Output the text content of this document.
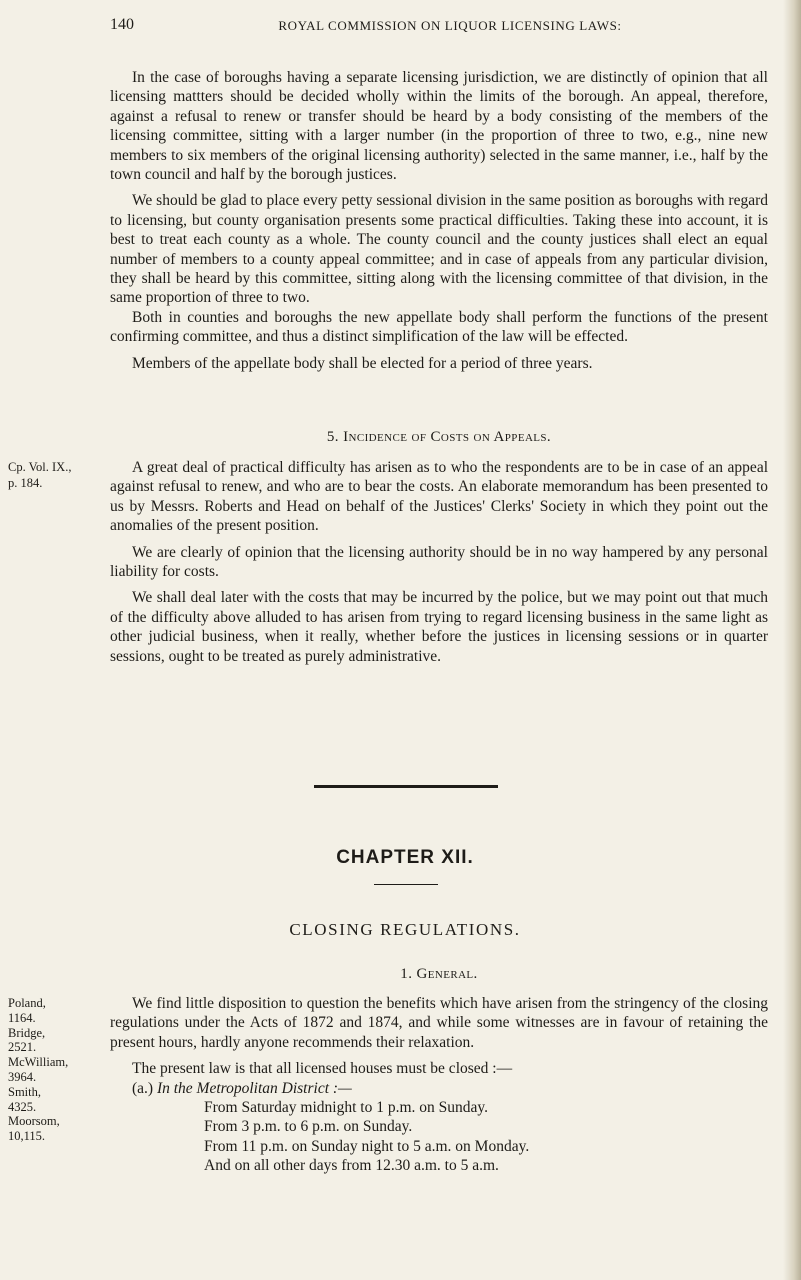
140	ROYAL COMMISSION ON LIQUOR LICENSING LAWS:

In the case of boroughs having a separate licensing jurisdiction, we are distinctly of opinion that all licensing mattters should be decided wholly within the limits of the borough. An appeal, therefore, against a refusal to renew or transfer should be heard by a body consisting of the members of the licensing committee, sitting with a larger number (in the proportion of three to two, e.g., nine new members to six members of the original licensing authority) selected in the same manner, i.e., half by the town council and half by the borough justices.

We should be glad to place every petty sessional division in the same position as boroughs with regard to licensing, but county organisation presents some practical difficulties. Taking these into account, it is best to treat each county as a whole. The county council and the county justices shall elect an equal number of members to a county appeal committee; and in case of appeals from any particular division, they shall be heard by this committee, sitting along with the licensing committee of that division, in the same proportion of three to two.

Both in counties and boroughs the new appellate body shall perform the functions of the present confirming committee, and thus a distinct simplification of the law will be effected.

Members of the appellate body shall be elected for a period of three years.

5. Incidence of Costs on Appeals.
Cp. Vol. IX.,
p. 184.

A great deal of practical difficulty has arisen as to who the respondents are to be in case of an appeal against refusal to renew, and who are to bear the costs. An elaborate memorandum has been presented to us by Messrs. Roberts and Head on behalf of the Justices' Clerks' Society in which they point out the anomalies of the present position.

We are clearly of opinion that the licensing authority should be in no way hampered by any personal liability for costs.

We shall deal later with the costs that may be incurred by the police, but we may point out that much of the difficulty above alluded to has arisen from trying to regard licensing business in the same light as other judicial business, when it really, whether before the justices in licensing sessions or in quarter sessions, ought to be treated as purely administrative.

CHAPTER XII.
CLOSING REGULATIONS.
1. General.
Poland,
1164.
Bridge,
2521.
McWilliam,
3964.
Smith,
4325.
Moorsom,
10,115.

We find little disposition to question the benefits which have arisen from the stringency of the closing regulations under the Acts of 1872 and 1874, and while some witnesses are in favour of retaining the present hours, hardly anyone recommends their relaxation.

The present law is that all licensed houses must be closed :—

(a.) In the Metropolitan District :—

From Saturday midnight to 1 p.m. on Sunday.

From 3 p.m. to 6 p.m. on Sunday.

From 11 p.m. on Sunday night to 5 a.m. on Monday.

And on all other days from 12.30 a.m. to 5 a.m.
